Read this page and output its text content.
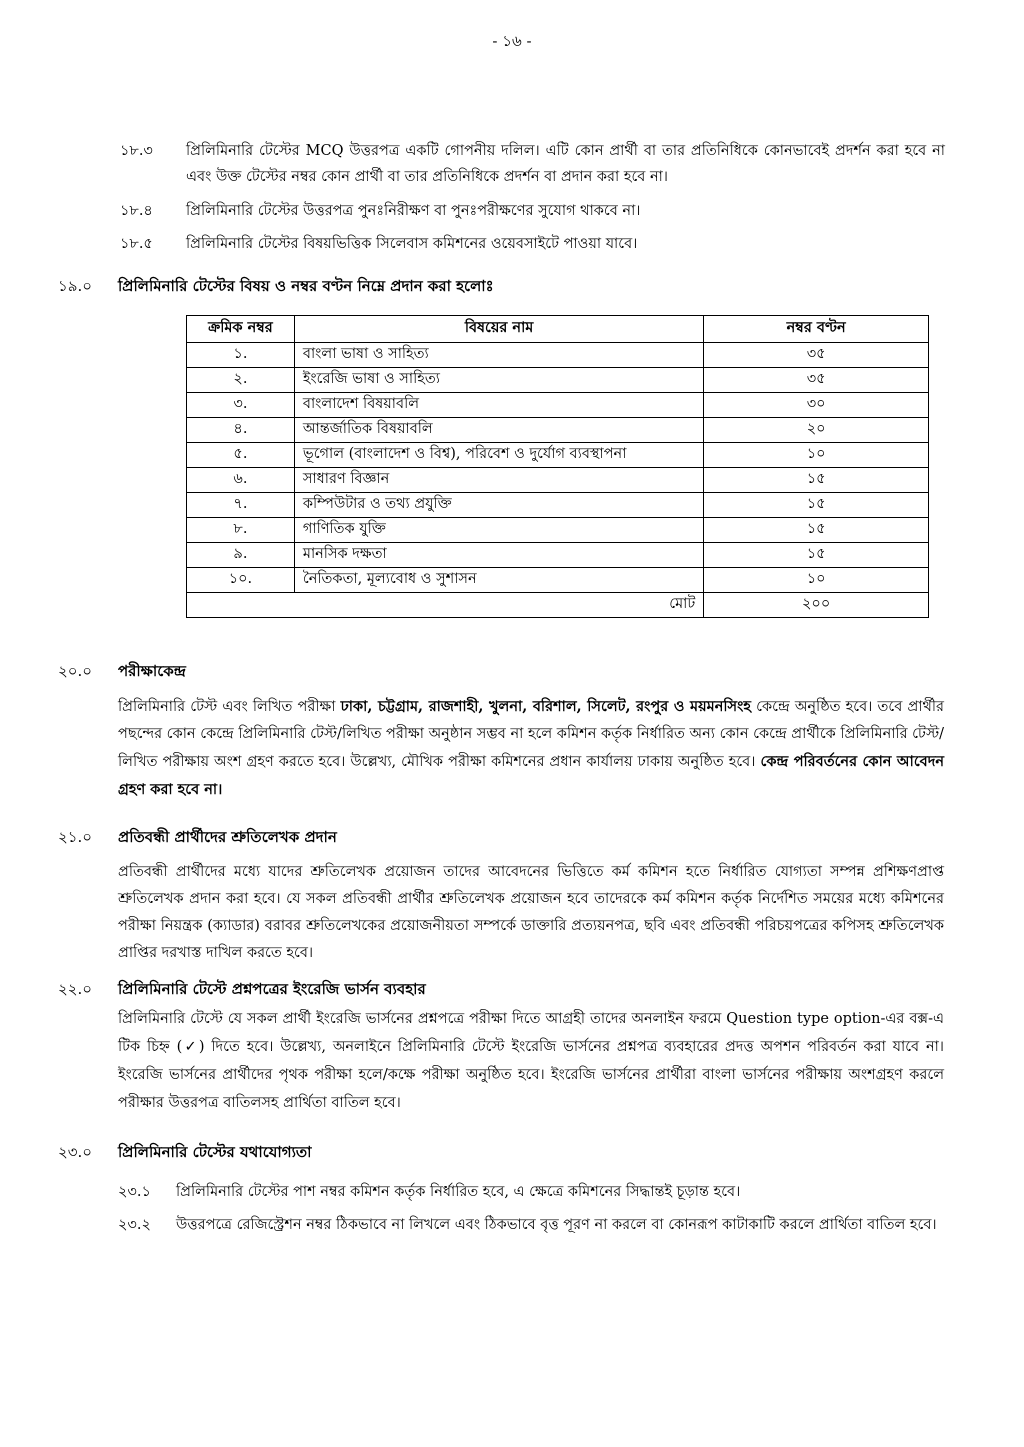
- ১৬ -
১৮.৩	প্রিলিমিনারি টেস্টের MCQ উত্তরপত্র একটি গোপনীয় দলিল। এটি কোন প্রার্থী বা তার প্রতিনিধিকে কোনভাবেই প্রদর্শন করা হবে না এবং উক্ত টেস্টের নম্বর কোন প্রার্থী বা তার প্রতিনিধিকে প্রদর্শন বা প্রদান করা হবে না।
১৮.৪	প্রিলিমিনারি টেস্টের উত্তরপত্র পুনঃনিরীক্ষণ বা পুনঃপরীক্ষণের সুযোগ থাকবে না।
১৮.৫	প্রিলিমিনারি টেস্টের বিষয়ভিত্তিক সিলেবাস কমিশনের ওয়েবসাইটে পাওয়া যাবে।
১৯.০ প্রিলিমিনারি টেস্টের বিষয় ও নম্বর বণ্টন নিম্নে প্রদান করা হলোঃ
ক্রমিক নম্বর	বিষয়ের নাম	নম্বর বণ্টন
১.	বাংলা ভাষা ও সাহিত্য	৩৫
২.	ইংরেজি ভাষা ও সাহিত্য	৩৫
৩.	বাংলাদেশ বিষয়াবলি	৩০
৪.	আন্তর্জাতিক বিষয়াবলি	২০
৫.	ভূগোল (বাংলাদেশ ও বিশ্ব), পরিবেশ ও দুর্যোগ ব্যবস্থাপনা	১০
৬.	সাধারণ বিজ্ঞান	১৫
৭.	কম্পিউটার ও তথ্য প্রযুক্তি	১৫
৮.	গাণিতিক যুক্তি	১৫
৯.	মানসিক দক্ষতা	১৫
১০.	নৈতিকতা, মূল্যবোধ ও সুশাসন	১০
মোট		২০০
২০.০ পরীক্ষাকেন্দ্র
প্রিলিমিনারি টেস্ট এবং লিখিত পরীক্ষা ঢাকা, চট্টগ্রাম, রাজশাহী, খুলনা, বরিশাল, সিলেট, রংপুর ও ময়মনসিংহ কেন্দ্রে অনুষ্ঠিত হবে। তবে প্রার্থীর পছন্দের কোন কেন্দ্রে প্রিলিমিনারি টেস্ট/লিখিত পরীক্ষা অনুষ্ঠান সম্ভব না হলে কমিশন কর্তৃক নির্ধারিত অন্য কোন কেন্দ্রে প্রার্থীকে প্রিলিমিনারি টেস্ট/লিখিত পরীক্ষায় অংশ গ্রহণ করতে হবে। উল্লেখ্য, মৌখিক পরীক্ষা কমিশনের প্রধান কার্যালয় ঢাকায় অনুষ্ঠিত হবে। কেন্দ্র পরিবর্তনের কোন আবেদন গ্রহণ করা হবে না।
২১.০ প্রতিবন্ধী প্রার্থীদের শ্রুতিলেখক প্রদান
প্রতিবন্ধী প্রার্থীদের মধ্যে যাদের শ্রুতিলেখক প্রয়োজন তাদের আবেদনের ভিত্তিতে কর্ম কমিশন হতে নির্ধারিত যোগ্যতা সম্পন্ন প্রশিক্ষণপ্রাপ্ত শ্রুতিলেখক প্রদান করা হবে। যে সকল প্রতিবন্ধী প্রার্থীর শ্রুতিলেখক প্রয়োজন হবে তাদেরকে কর্ম কমিশন কর্তৃক নির্দেশিত সময়ের মধ্যে কমিশনের পরীক্ষা নিয়ন্ত্রক (ক্যাডার) বরাবর শ্রুতিলেখকের প্রয়োজনীয়তা সম্পর্কে ডাক্তারি প্রত্যয়নপত্র, ছবি এবং প্রতিবন্ধী পরিচয়পত্রের কপিসহ শ্রুতিলেখক প্রাপ্তির দরখাস্ত দাখিল করতে হবে।
২২.০ প্রিলিমিনারি টেস্টে প্রশ্নপত্রের ইংরেজি ভার্সন ব্যবহার
প্রিলিমিনারি টেস্টে যে সকল প্রার্থী ইংরেজি ভার্সনের প্রশ্নপত্রে পরীক্ষা দিতে আগ্রহী তাদের অনলাইন ফরমে Question type option-এর বক্স-এ টিক চিহ্ন (✓) দিতে হবে। উল্লেখ্য, অনলাইনে প্রিলিমিনারি টেস্টে ইংরেজি ভার্সনের প্রশ্নপত্র ব্যবহারের প্রদত্ত অপশন পরিবর্তন করা যাবে না। ইংরেজি ভার্সনের প্রার্থীদের পৃথক পরীক্ষা হলে/কক্ষে পরীক্ষা অনুষ্ঠিত হবে। ইংরেজি ভার্সনের প্রার্থীরা বাংলা ভার্সনের পরীক্ষায় অংশগ্রহণ করলে পরীক্ষার উত্তরপত্র বাতিলসহ প্রার্থিতা বাতিল হবে।
২৩.০ প্রিলিমিনারি টেস্টের যথাযোগ্যতা
২৩.১	প্রিলিমিনারি টেস্টের পাশ নম্বর কমিশন কর্তৃক নির্ধারিত হবে, এ ক্ষেত্রে কমিশনের সিদ্ধান্তই চূড়ান্ত হবে।
২৩.২	উত্তরপত্রে রেজিস্ট্রেশন নম্বর ঠিকভাবে না লিখলে এবং ঠিকভাবে বৃত্ত পূরণ না করলে বা কোনরূপ কাটাকাটি করলে প্রার্থিতা বাতিল হবে।
